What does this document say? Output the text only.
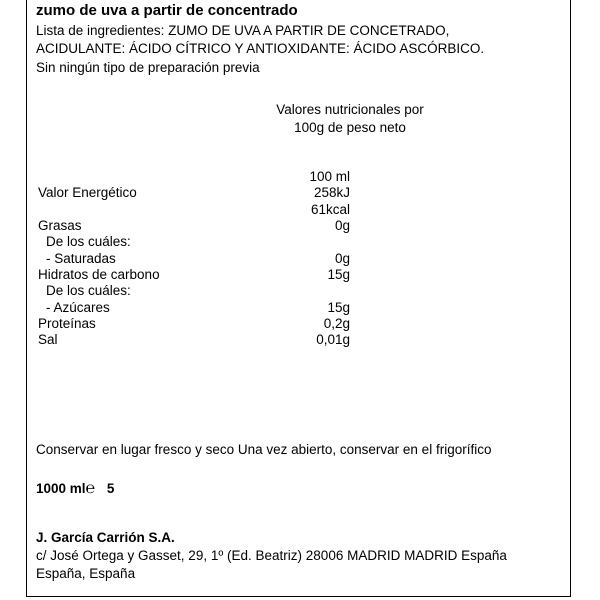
zumo de uva a partir de concentrado
Lista de ingredientes: ZUMO DE UVA A PARTIR DE CONCETRADO,
ACIDULANTE: ÁCIDO CÍTRICO Y ANTIOXIDANTE: ÁCIDO ASCÓRBICO.
Sin ningún tipo de preparación previa
Valores nutricionales por
100g de peso neto
100 ml
Valor Energético	258kJ
61kcal
Grasas	0g
De los cuáles:
- Saturadas	0g
Hidratos de carbono	15g
De los cuáles:
- Azúcares	15g
Proteínas	0,2g
Sal	0,01g
Conservar en lugar fresco y seco Una vez abierto, conservar en el frigorífico
1000 ml℮ 5
J. García Carrión S.A.
c/ José Ortega y Gasset, 29, 1º (Ed. Beatriz) 28006 MADRID MADRID España
España, España
